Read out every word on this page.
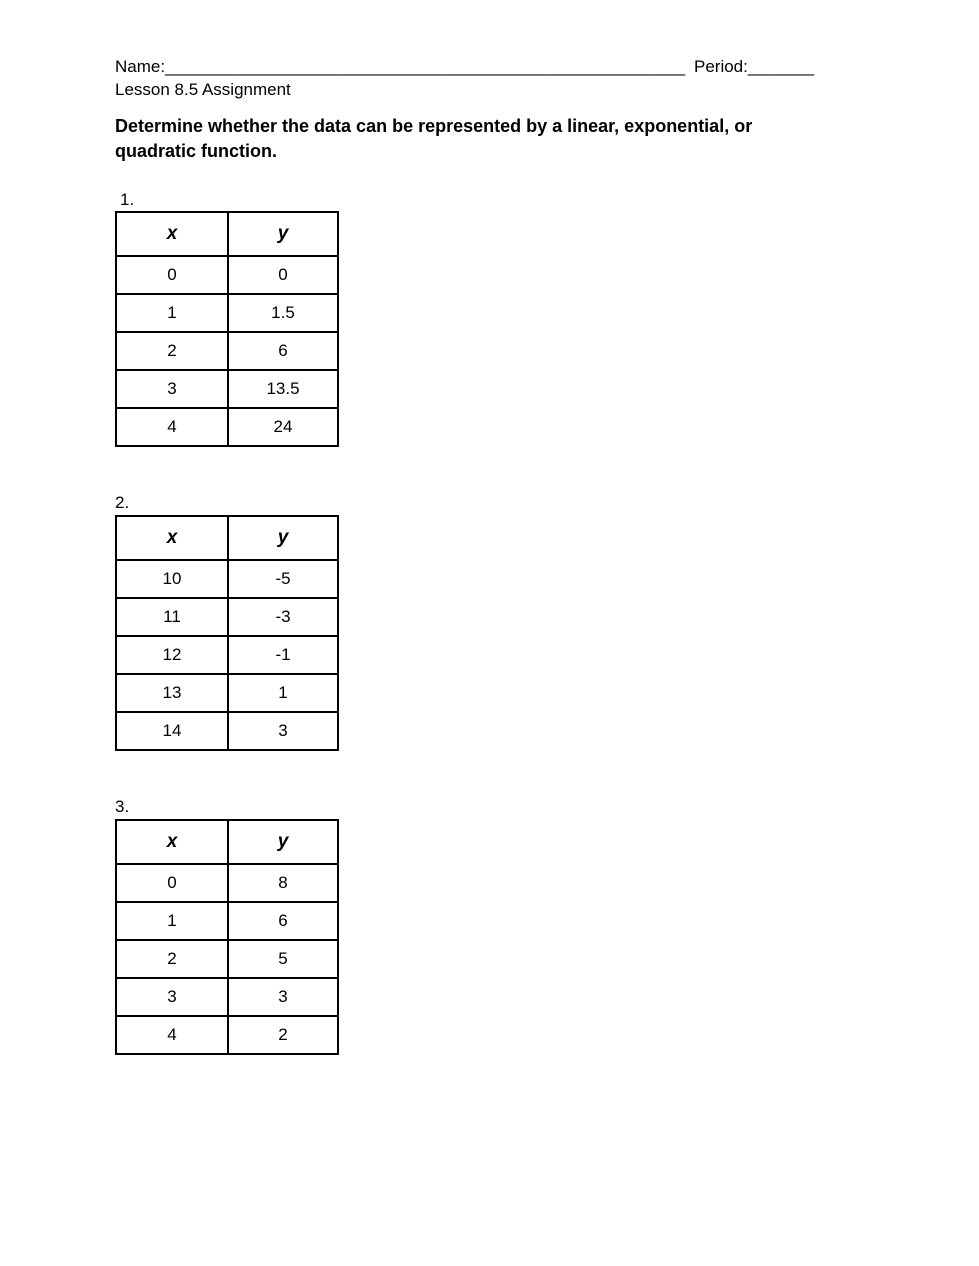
Name:_______________________________________________________ Period:_______
Lesson 8.5 Assignment
Determine whether the data can be represented by a linear, exponential, or quadratic function.
1.
x	y
0	0
1	1.5
2	6
3	13.5
4	24
2.
x	y
10	-5
11	-3
12	-1
13	1
14	3
3.
x	y
0	8
1	6
2	5
3	3
4	2
